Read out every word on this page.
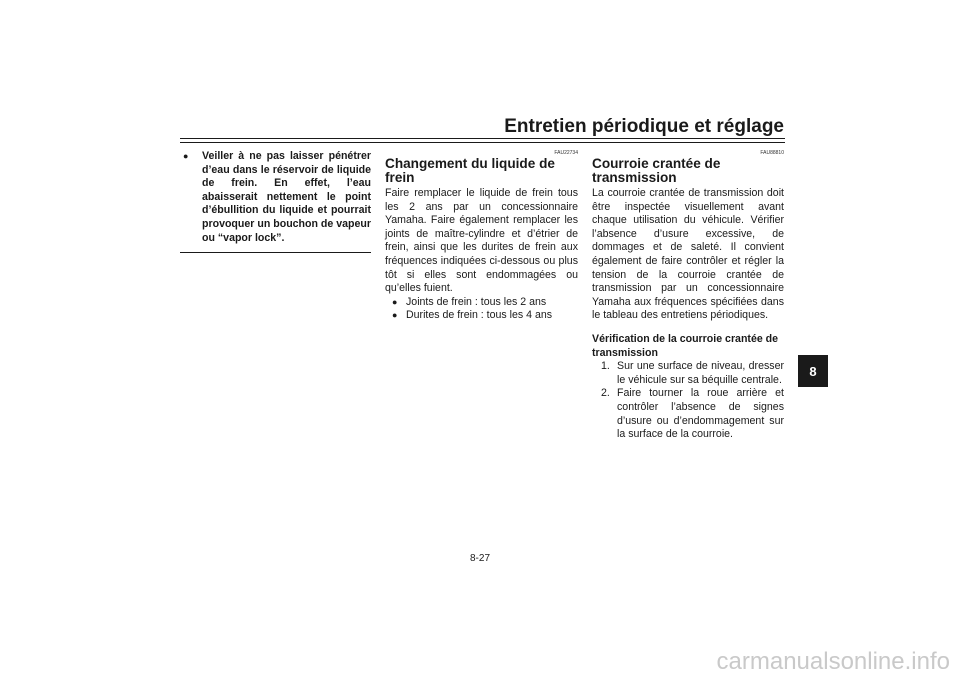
Entretien périodique et réglage
●	Veiller à ne pas laisser pénétrer d’eau dans le réservoir de liquide de frein. En effet, l’eau abaisserait nettement le point d’ébullition du liquide et pourrait provoquer un bouchon de vapeur ou “vapor lock”.
FAU22734
Changement du liquide de frein

Faire remplacer le liquide de frein tous les 2 ans par un concessionnaire Yamaha. Faire également remplacer les joints de maître-cylindre et d’étrier de frein, ainsi que les durites de frein aux fréquences indiquées ci-dessous ou plus tôt si elles sont endommagées ou qu’elles fuient.

● Joints de frein : tous les 2 ans
● Durites de frein : tous les 4 ans
FAU88810
Courroie crantée de transmission

La courroie crantée de transmission doit être inspectée visuellement avant chaque utilisation du véhicule. Vérifier l’absence d’usure excessive, de dommages et de saleté. Il convient également de faire contrôler et régler la tension de la courroie crantée de transmission par un concessionnaire Yamaha aux fréquences spécifiées dans le tableau des entretiens périodiques.

Vérification de la courroie crantée de transmission
1. Sur une surface de niveau, dresser le véhicule sur sa béquille centrale.
2. Faire tourner la roue arrière et contrôler l’absence de signes d’usure ou d’endommagement sur la surface de la courroie.
8
8-27
carmanualsonline.info
